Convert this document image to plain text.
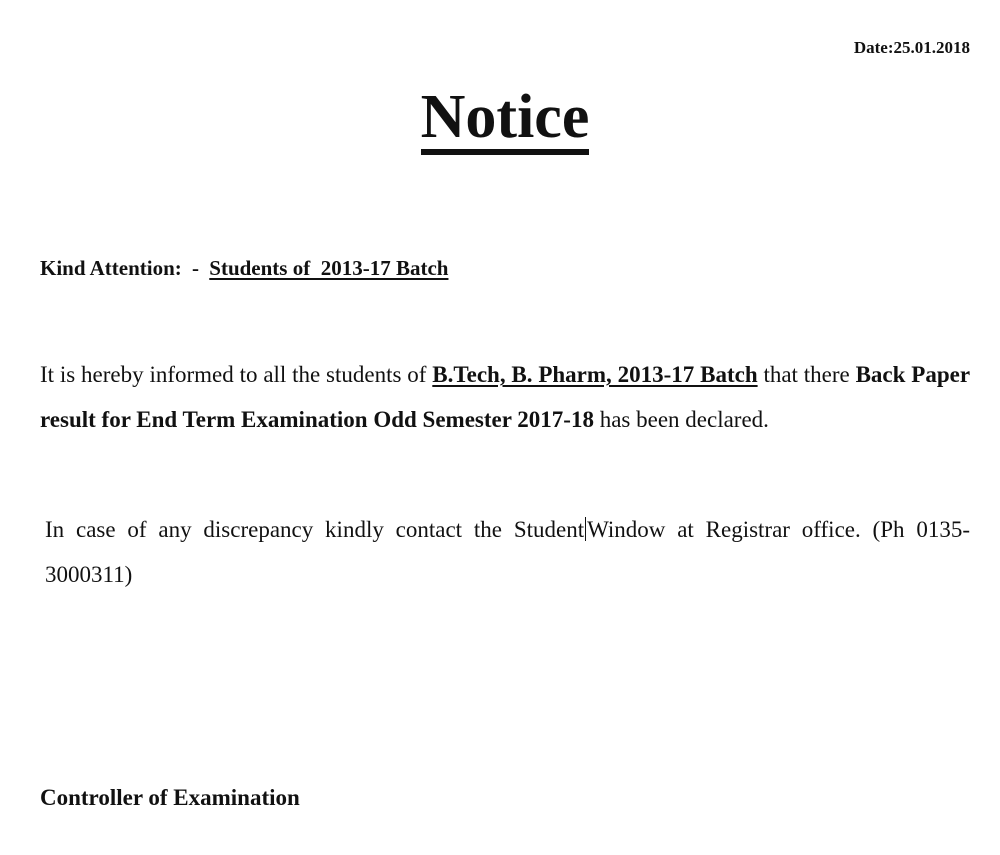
Date:25.01.2018
Notice
Kind Attention: - Students of  2013-17 Batch

It is hereby informed to all the students of B.Tech, B. Pharm, 2013-17 Batch that there Back Paper result for End Term Examination Odd Semester 2017-18 has been declared.

In case of any discrepancy kindly contact the Student Window at Registrar office. (Ph 0135-3000311)

Controller of Examination
